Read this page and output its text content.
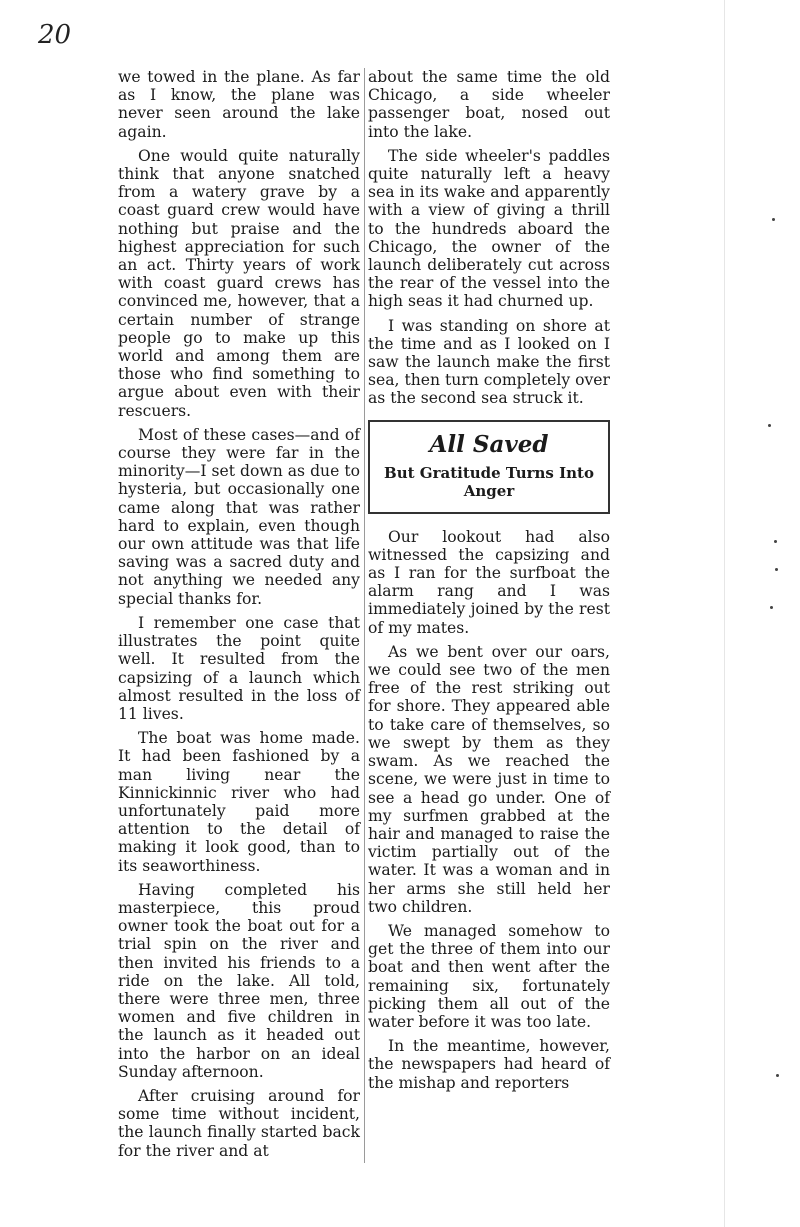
20

we towed in the plane. As far as I know, the plane was never seen around the lake again.

One would quite naturally think that anyone snatched from a watery grave by a coast guard crew would have nothing but praise and the highest appreciation for such an act. Thirty years of work with coast guard crews has convinced me, however, that a certain number of strange people go to make up this world and among them are those who find something to argue about even with their rescuers.

Most of these cases—and of course they were far in the minority—I set down as due to hysteria, but occasionally one came along that was rather hard to explain, even though our own attitude was that life saving was a sacred duty and not anything we needed any special thanks for.

I remember one case that illustrates the point quite well. It resulted from the capsizing of a launch which almost resulted in the loss of 11 lives.

The boat was home made. It had been fashioned by a man living near the Kinnickinnic river who had unfortunately paid more attention to the detail of making it look good, than to its seaworthiness.

Having completed his masterpiece, this proud owner took the boat out for a trial spin on the river and then invited his friends to a ride on the lake. All told, there were three men, three women and five children in the launch as it headed out into the harbor on an ideal Sunday afternoon.

After cruising around for some time without incident, the launch finally started back for the river and at

about the same time the old Chicago, a side wheeler passenger boat, nosed out into the lake.

The side wheeler's paddles quite naturally left a heavy sea in its wake and apparently with a view of giving a thrill to the hundreds aboard the Chicago, the owner of the launch deliberately cut across the rear of the vessel into the high seas it had churned up.

I was standing on shore at the time and as I looked on I saw the launch make the first sea, then turn completely over as the second sea struck it.

All Saved
But Gratitude Turns Into Anger

Our lookout had also witnessed the capsizing and as I ran for the surfboat the alarm rang and I was immediately joined by the rest of my mates.

As we bent over our oars, we could see two of the men free of the rest striking out for shore. They appeared able to take care of themselves, so we swept by them as they swam. As we reached the scene, we were just in time to see a head go under. One of my surfmen grabbed at the hair and managed to raise the victim partially out of the water. It was a woman and in her arms she still held her two children.

We managed somehow to get the three of them into our boat and then went after the remaining six, fortunately picking them all out of the water before it was too late.

In the meantime, however, the newspapers had heard of the mishap and reporters
